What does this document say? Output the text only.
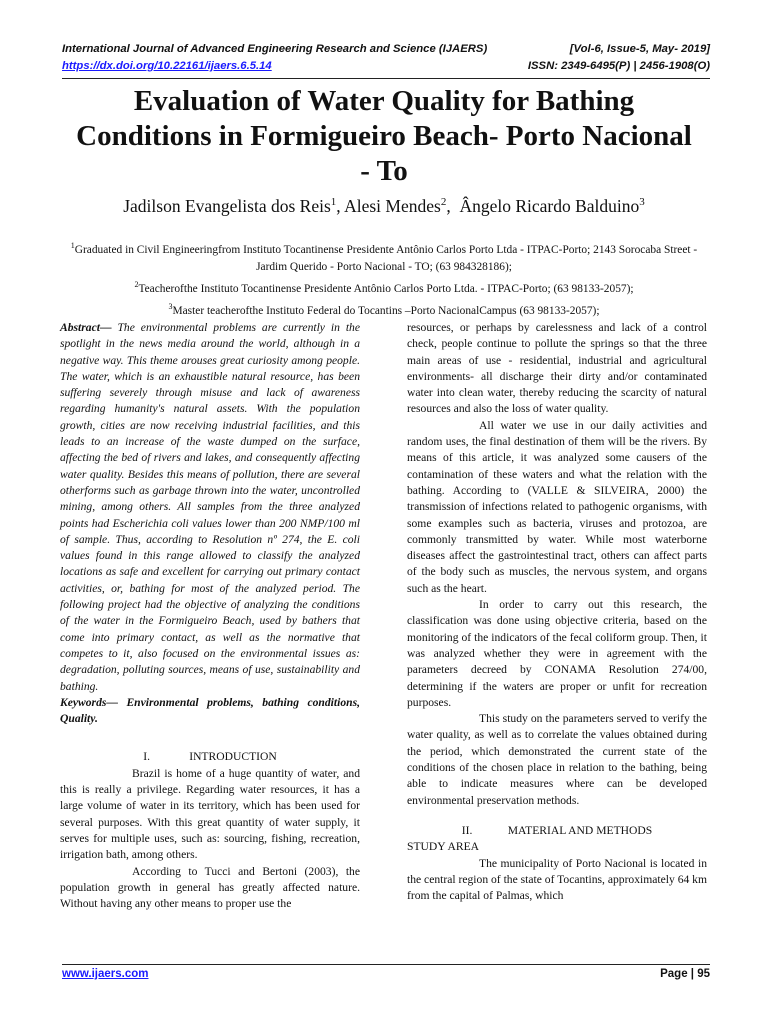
International Journal of Advanced Engineering Research and Science (IJAERS)	[Vol-6, Issue-5, May- 2019]
https://dx.doi.org/10.22161/ijaers.6.5.14	ISSN: 2349-6495(P) | 2456-1908(O)
Evaluation of Water Quality for Bathing Conditions in Formigueiro Beach- Porto Nacional - To
Jadilson Evangelista dos Reis$^1$, Alesi Mendes$^2$,  Ângelo Ricardo Balduino$^3$
$^1$Graduated in Civil Engineeringfrom Instituto Tocantinense Presidente Antônio Carlos Porto Ltda - ITPAC-Porto; 2143 Sorocaba Street - Jardim Querido - Porto Nacional - TO; (63 984328186);
$^2$Teacherofthe Instituto Tocantinense Presidente Antônio Carlos Porto Ltda. - ITPAC-Porto; (63 98133-2057);
$^3$Master teacherofthe Instituto Federal do Tocantins –Porto NacionalCampus (63 98133-2057);

Abstract— The environmental problems are currently in the spotlight in the news media around the world, although in a negative way. This theme arouses great curiosity among people. The water, which is an exhaustible natural resource, has been suffering severely through misuse and lack of awareness regarding humanity's natural assets. With the population growth, cities are now receiving industrial facilities, and this leads to an increase of the waste dumped on the surface, affecting the bed of rivers and lakes, and consequently affecting water quality. Besides this means of pollution, there are several otherforms such as garbage thrown into the water, uncontrolled mining, among others. All samples from the three analyzed points had Escherichia coli values lower than 200 NMP/100 ml of sample. Thus, according to Resolution nº 274, the E. coli values found in this range allowed to classify the analyzed locations as safe and excellent for carrying out primary contact activities, or, bathing for most of the analyzed period. The following project had the objective of analyzing the conditions of the water in the Formigueiro Beach, used by bathers that come into primary contact, as well as the normative that competes to it, also focused on the environmental issues as: degradation, polluting sources, means of use, sustainability and bathing.

Keywords— Environmental problems, bathing conditions, Quality.

I.	INTRODUCTION

Brazil is home of a huge quantity of water, and this is really a privilege. Regarding water resources, it has a large volume of water in its territory, which has been used for several purposes. With this great quantity of water supply, it serves for multiple uses, such as: sourcing, fishing, recreation, irrigation bath, among others.

According to Tucci and Bertoni (2003), the population growth in general has greatly affected nature. Without having any other means to proper use the

resources, or perhaps by carelessness and lack of a control check, people continue to pollute the springs so that the three main areas of use - residential, industrial and agricultural environments- all discharge their dirty and/or contaminated water into clean water, thereby reducing the scarcity of natural resources and also the loss of water quality.

All water we use in our daily activities and random uses, the final destination of them will be the rivers. By means of this article, it was analyzed some causers of the contamination of these waters and what the relation with the bathing. According to (VALLE & SILVEIRA, 2000) the transmission of infections related to pathogenic organisms, with some examples such as bacteria, viruses and protozoa, are commonly transmitted by water. While most waterborne diseases affect the gastrointestinal tract, others can affect parts of the body such as muscles, the nervous system, and organs such as the heart.

In order to carry out this research, the classification was done using objective criteria, based on the monitoring of the indicators of the fecal coliform group. Then, it was analyzed whether they were in agreement with the parameters decreed by CONAMA Resolution 274/00, determining if the waters are proper or unfit for recreation purposes.

This study on the parameters served to verify the water quality, as well as to correlate the values obtained during the period, which demonstrated the current state of the conditions of the chosen place in relation to the bathing, being able to indicate measures where can be developed environmental preservation methods.

II.	MATERIAL AND METHODS

STUDY AREA

The municipality of Porto Nacional is located in the central region of the state of Tocantins, approximately 64 km from the capital of Palmas, which

www.ijaers.com	Page | 95
